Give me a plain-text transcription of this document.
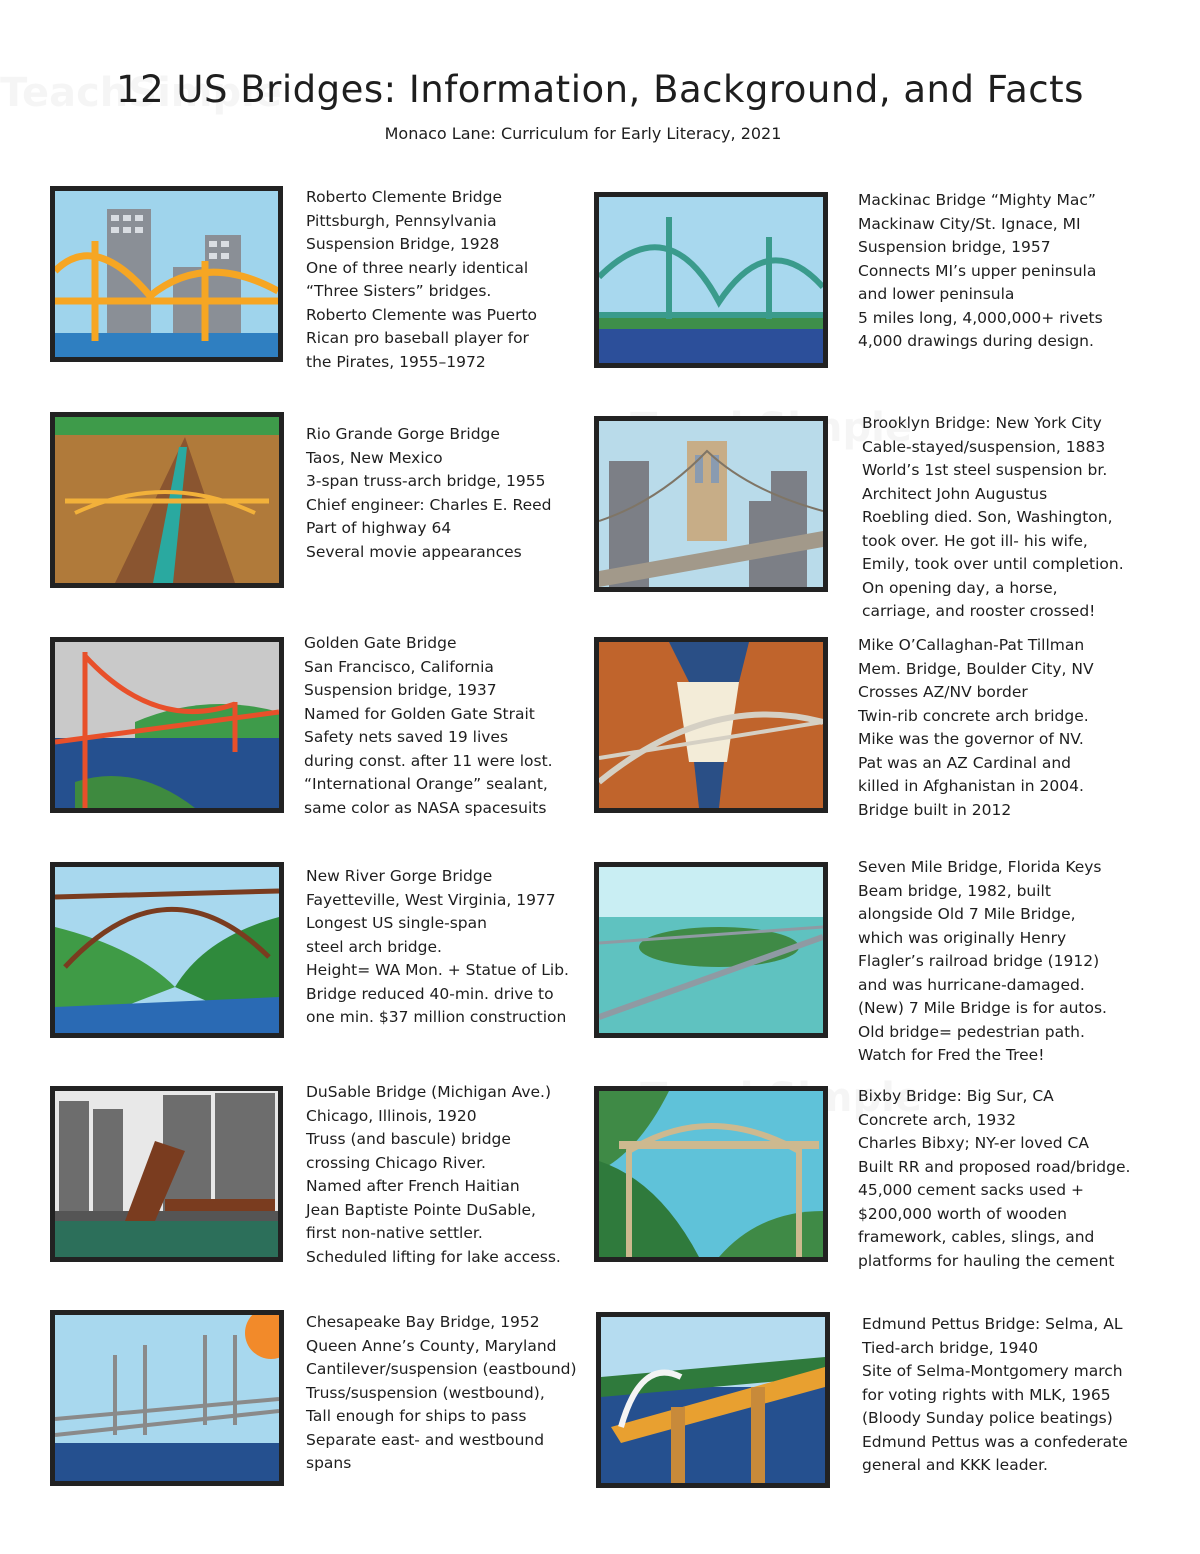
12 US Bridges: Information, Background, and Facts
Monaco Lane: Curriculum for Early Literacy, 2021
Roberto Clemente Bridge
Pittsburgh, Pennsylvania
Suspension Bridge, 1928
One of three nearly identical
“Three Sisters” bridges.
Roberto Clemente was Puerto
Rican pro baseball player for
the Pirates, 1955–1972
Mackinac Bridge “Mighty Mac”
Mackinaw City/St. Ignace, MI
Suspension bridge, 1957
Connects MI’s upper peninsula
and lower peninsula
5 miles long, 4,000,000+ rivets
4,000 drawings during design.
Rio Grande Gorge Bridge
Taos, New Mexico
3-span truss-arch bridge, 1955
Chief engineer: Charles E. Reed
Part of highway 64
Several movie appearances
Brooklyn Bridge: New York City
Cable-stayed/suspension, 1883
World’s 1st steel suspension br.
Architect John Augustus
Roebling died. Son, Washington,
took over. He got ill- his wife,
Emily, took over until completion.
On opening day, a horse,
carriage, and rooster crossed!
Golden Gate Bridge
San Francisco, California
Suspension bridge, 1937
Named for Golden Gate Strait
Safety nets saved 19 lives
during const. after 11 were lost.
“International Orange” sealant,
same color as NASA spacesuits
Mike O’Callaghan-Pat Tillman
Mem. Bridge, Boulder City, NV
Crosses AZ/NV border
Twin-rib concrete arch bridge.
Mike was the governor of NV.
Pat was an AZ Cardinal and
killed in Afghanistan in 2004.
Bridge built in 2012
New River Gorge Bridge
Fayetteville, West Virginia, 1977
Longest US single-span
steel arch bridge.
Height= WA Mon. + Statue of Lib.
Bridge reduced 40-min. drive to
one min. $37 million construction
Seven Mile Bridge, Florida Keys
Beam bridge, 1982, built
alongside Old 7 Mile Bridge,
which was originally Henry
Flagler’s railroad bridge (1912)
and was hurricane-damaged.
(New) 7 Mile Bridge is for autos.
Old bridge= pedestrian path.
Watch for Fred the Tree!
DuSable Bridge (Michigan Ave.)
Chicago, Illinois, 1920
Truss (and bascule) bridge
crossing Chicago River.
Named after French Haitian
Jean Baptiste Pointe DuSable,
first non-native settler.
Scheduled lifting for lake access.
Bixby Bridge: Big Sur, CA
Concrete arch, 1932
Charles Bibxy; NY-er loved CA
Built RR and proposed road/bridge.
45,000 cement sacks used +
$200,000 worth of wooden
framework, cables, slings, and
platforms for hauling the cement
Chesapeake Bay Bridge, 1952
Queen Anne’s County, Maryland
Cantilever/suspension (eastbound)
Truss/suspension (westbound),
Tall enough for ships to pass
Separate east- and westbound
spans
Edmund Pettus Bridge: Selma, AL
Tied-arch bridge, 1940
Site of Selma-Montgomery march
for voting rights with MLK, 1965
(Bloody Sunday police beatings)
Edmund Pettus was a confederate
general and KKK leader.
